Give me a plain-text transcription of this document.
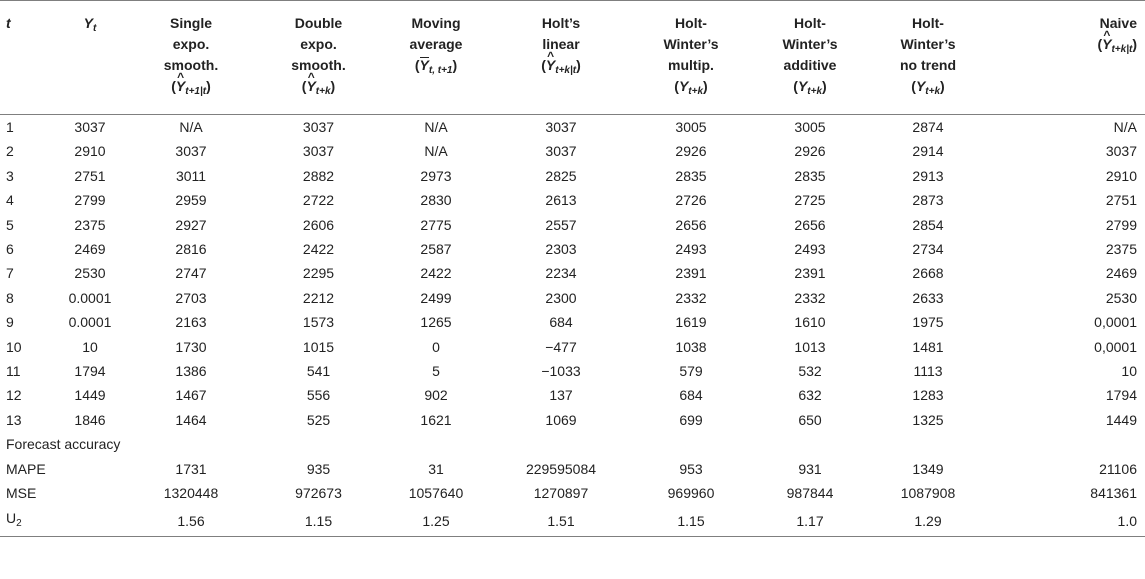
t	$Y_t$	Single
expo.
smooth.
(^ $Y_{t+1|t}$)	Double
expo.
smooth.
(^ $Y_{t+k}$)	Moving
average
$(Y_{t, t+1})$	Holt’s
linear
(^ $Y_{t+k|t}$)	Holt-
Winter’s
multip.
$(Y_{t+k})$	Holt-
Winter’s
additive
$(Y_{t+k})$	Holt-
Winter’s
no trend
$(Y_{t+k})$	Naive
(^ $Y_{t+k|t}$)

1	3037	N/A	3037	N/A	3037	3005	3005	2874	N/A
2	2910	3037	3037	N/A	3037	2926	2926	2914	3037
3	2751	3011	2882	2973	2825	2835	2835	2913	2910
4	2799	2959	2722	2830	2613	2726	2725	2873	2751
5	2375	2927	2606	2775	2557	2656	2656	2854	2799
6	2469	2816	2422	2587	2303	2493	2493	2734	2375
7	2530	2747	2295	2422	2234	2391	2391	2668	2469
8	0.0001	2703	2212	2499	2300	2332	2332	2633	2530
9	0.0001	2163	1573	1265	684	1619	1610	1975	0,0001
10	10	1730	1015	0	−477	1038	1013	1481	0,0001
11	1794	1386	541	5	−1033	579	532	1113	10
12	1449	1467	556	902	137	684	632	1283	1794
13	1846	1464	525	1621	1069	699	650	1325	1449
Forecast accuracy									
MAPE		1731	935	31	229595084	953	931	1349	21106
MSE		1320448	972673	1057640	1270897	969960	987844	1087908	841361
$U_2$		1.56	1.15	1.25	1.51	1.15	1.17	1.29	1.0
